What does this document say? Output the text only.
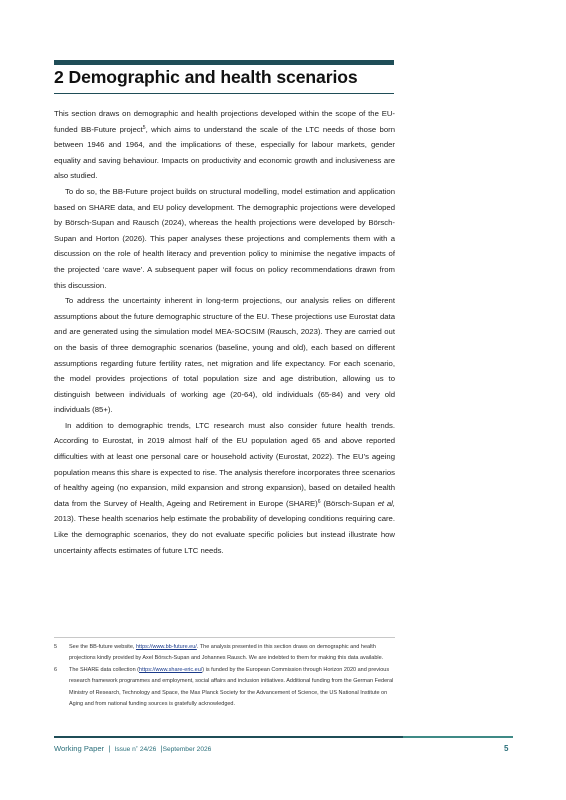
2 Demographic and health scenarios

This section draws on demographic and health projections developed within the scope of the EU-funded BB-Future project$^5$, which aims to understand the scale of the LTC needs of those born between 1946 and 1964, and the implications of these, especially for labour markets, gender equality and saving behaviour. Impacts on productivity and economic growth and inclusiveness are also studied.

To do so, the BB-Future project builds on structural modelling, model estimation and application based on SHARE data, and EU policy development. The demographic projections were developed by Börsch-Supan and Rausch (2024), whereas the health projections were developed by Börsch-Supan and Horton (2026). This paper analyses these projections and complements them with a discussion on the role of health literacy and prevention policy to minimise the negative impacts of the projected ‘care wave’. A subsequent paper will focus on policy recommendations drawn from this discussion.

To address the uncertainty inherent in long-term projections, our analysis relies on different assumptions about the future demographic structure of the EU. These projections use Eurostat data and are generated using the simulation model MEA-SOCSIM (Rausch, 2023). They are carried out on the basis of three demographic scenarios (baseline, young and old), each based on different assumptions regarding future fertility rates, net migration and life expectancy. For each scenario, the model provides projections of total population size and age distribution, allowing us to distinguish between individuals of working age (20-64), old individuals (65-84) and very old individuals (85+).

In addition to demographic trends, LTC research must also consider future health trends. According to Eurostat, in 2019 almost half of the EU population aged 65 and above reported difficulties with at least one personal care or household activity (Eurostat, 2022). The EU’s ageing population means this share is expected to rise. The analysis therefore incorporates three scenarios of healthy ageing (no expansion, mild expansion and strong expansion), based on detailed health data from the Survey of Health, Ageing and Retirement in Europe (SHARE)$^6$ (Börsch-Supan et al, 2013). These health scenarios help estimate the probability of developing conditions requiring care. Like the demographic scenarios, they do not evaluate specific policies but instead illustrate how uncertainty affects estimates of future LTC needs.

5	See the BB-future website, https://www.bb-future.eu/. The analysis presented in this section draws on demographic and health projections kindly provided by Axel Börsch-Supan and Johannes Rausch. We are indebted to them for making this data available.
6	The SHARE data collection (https://www.share-eric.eu/) is funded by the European Commission through Horizon 2020 and previous research framework programmes and employment, social affairs and inclusion initiatives. Additional funding from the German Federal Ministry of Research, Technology and Space, the Max Planck Society for the Advancement of Science, the US National Institute on Aging and from national funding sources is gratefully acknowledged.
Working Paper | Issue n˚ 24/26 |September 2026	5
